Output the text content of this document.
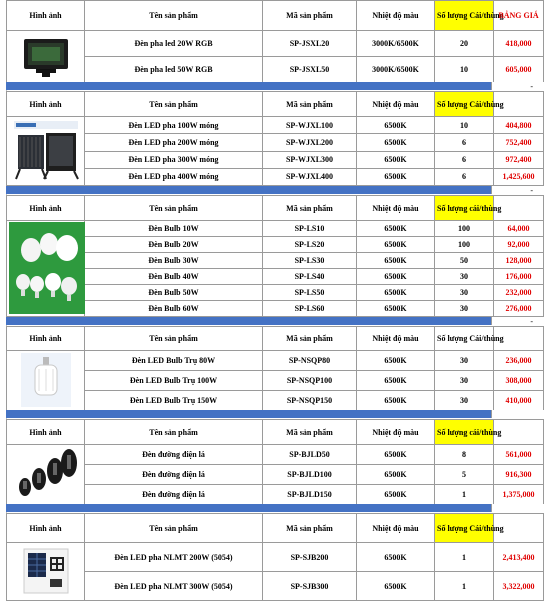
Hình ảnh	Tên sản phẩm	Mã sản phẩm	Nhiệt độ màu	Số lượng Cái/thùng	BẢNG GIÁ
	Đèn pha led 20W RGB	SP-JSXL20	3000K/6500K	20	418,000
	Đèn pha led 50W RGB	SP-JSXL50	3000K/6500K	10	605,000
-
Hình ảnh	Tên sản phẩm	Mã sản phẩm	Nhiệt độ màu	Số lượng Cái/thùng	
	Đèn LED pha 100W móng	SP-WJXL100	6500K	10	404,800
	Đèn LED pha 200W móng	SP-WJXL200	6500K	6	752,400
	Đèn LED pha 300W móng	SP-WJXL300	6500K	6	972,400
	Đèn LED pha 400W móng	SP-WJXL400	6500K	6	1,425,600
-
Hình ảnh	Tên sản phẩm	Mã sản phẩm	Nhiệt độ màu	Số lượng cái/thùng	
	Đèn Bulb 10W	SP-LS10	6500K	100	64,000
	Đèn Bulb 20W	SP-LS20	6500K	100	92,000
	Đèn Bulb 30W	SP-LS30	6500K	50	128,000
	Đèn Bulb 40W	SP-LS40	6500K	30	176,000
	Đèn Bulb 50W	SP-LS50	6500K	30	232,000
	Đèn Bulb 60W	SP-LS60	6500K	30	276,000
-
Hình ảnh	Tên sản phẩm	Mã sản phẩm	Nhiệt độ màu	Số lượng Cái/thùng	
	Đèn LED Bulb Trụ 80W	SP-NSQP80	6500K	30	236,000
	Đèn LED Bulb Trụ 100W	SP-NSQP100	6500K	30	308,000
	Đèn LED Bulb Trụ 150W	SP-NSQP150	6500K	30	410,000
Hình ảnh	Tên sản phẩm	Mã sản phẩm	Nhiệt độ màu	Số lượng cái/thùng	
	Đèn đường điện lá	SP-BJLD50	6500K	8	561,000
	Đèn đường điện lá	SP-BJLD100	6500K	5	916,300
	Đèn đường điện lá	SP-BJLD150	6500K	1	1,375,000
Hình ảnh	Tên sản phẩm	Mã sản phẩm	Nhiệt độ màu	Số lượng Cái/thùng	
	Đèn LED pha NLMT 200W (5054)	SP-SJB200	6500K	1	2,413,400
	Đèn LED pha NLMT 300W (5054)	SP-SJB300	6500K	1	3,322,000
